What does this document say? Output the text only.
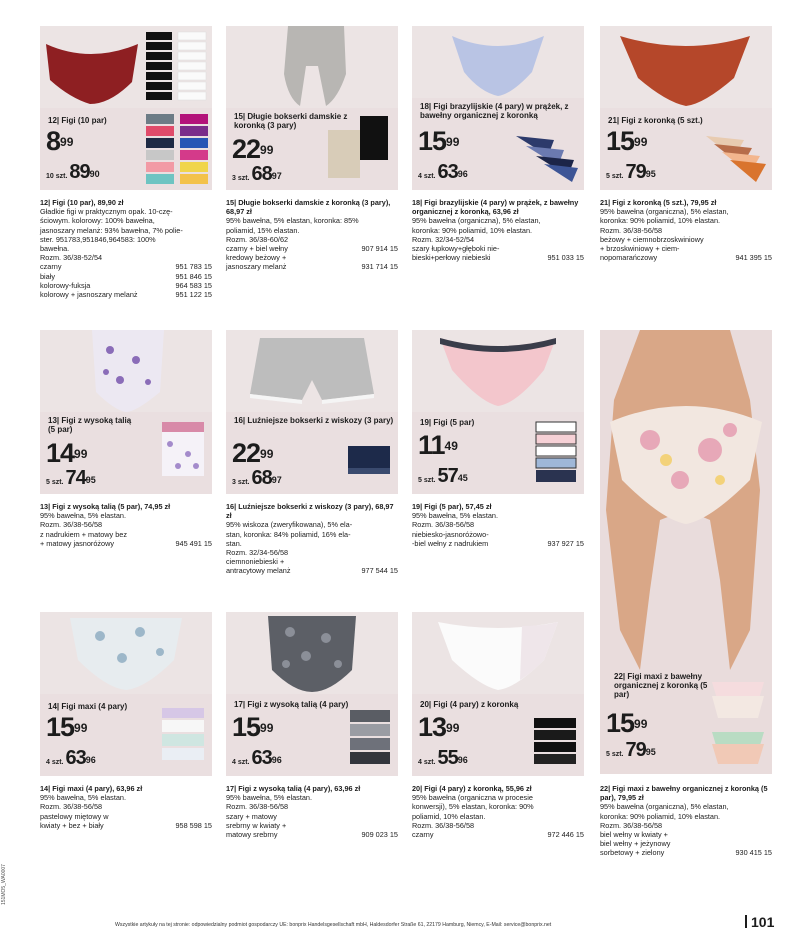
12| Figi (10 par)
$8^{99}$
10 szt. $89^{90}$
15| Długie bokserki damskie z koronką (3 pary)
$22^{99}$
3 szt. $68^{97}$
18| Figi brazylijskie (4 pary) w prążek, z bawełny organicznej z koronką
$15^{99}$
4 szt. $63^{96}$
21| Figi z koronką (5 szt.)
$15^{99}$
5 szt. $79^{95}$
13| Figi z wysoką talią (5 par)
$14^{99}$
5 szt. $74^{95}$
16| Luźniejsze bokserki z wiskozy (3 pary)
$22^{99}$
3 szt. $68^{97}$
19| Figi (5 par)
$11^{49}$
5 szt. $57^{45}$
22| Figi maxi z bawełny organicznej z koronką (5 par)
$15^{99}$
5 szt. $79^{95}$
14| Figi maxi (4 pary)
$15^{99}$
4 szt. $63^{96}$
17| Figi z wysoką talią (4 pary)
$15^{99}$
4 szt. $63^{96}$
20| Figi (4 pary) z koronką
$13^{99}$
4 szt. $55^{96}$
12| Figi (10 par), 89,90 zł
Gładkie figi w praktycznym opak. 10-czę-
ściowym. kolorowy: 100% bawełna,
jasnoszary melanż: 93% bawełna, 7% polie-
ster. 951783,951846,964583: 100%
bawełna.
Rozm. 36/38-52/54
czarny	951 783 15
biały	951 846 15
kolorowy-fuksja	964 583 15
kolorowy + jasnoszary melanż	951 122 15
15| Długie bokserki damskie z koronką (3 pary), 68,97 zł
95% bawełna, 5% elastan, koronka: 85%
poliamid, 15% elastan.
Rozm. 36/38-60/62
czarny + biel wełny	907 914 15
kredowy beżowy +
jasnoszary melanż	931 714 15
18| Figi brazylijskie (4 pary) w prążek, z bawełny organicznej z koronką, 63,96 zł
95% bawełna (organiczna), 5% elastan,
koronka: 90% poliamid, 10% elastan.
Rozm. 32/34-52/54
szary łupkowy+głęboki nie-
bieski+perłowy niebieski	951 033 15
21| Figi z koronką (5 szt.), 79,95 zł
95% bawełna (organiczna), 5% elastan,
koronka: 90% poliamid, 10% elastan.
Rozm. 36/38-56/58
beżowy + ciemnobrzoskwiniowy
+ brzoskwiniowy + ciem-
nopomarańczowy	941 395 15
13| Figi z wysoką talią (5 par), 74,95 zł
95% bawełna, 5% elastan.
Rozm. 36/38-56/58
z nadrukiem + matowy bez
+ matowy jasnoróżowy	945 491 15
16| Luźniejsze bokserki z wiskozy (3 pary), 68,97 zł
95% wiskoza (zweryfikowana), 5% ela-
stan, koronka: 84% poliamid, 16% ela-
stan.
Rozm. 32/34-56/58
ciemnoniebieski +
antracytowy melanż	977 544 15
19| Figi (5 par), 57,45 zł
95% bawełna, 5% elastan.
Rozm. 36/38-56/58
niebiesko-jasnoróżowo-
-biel wełny z nadrukiem	937 927 15
14| Figi maxi (4 pary), 63,96 zł
95% bawełna, 5% elastan.
Rozm. 36/38-56/58
pastelowy miętowy w
kwiaty + bez + biały	958 598 15
17| Figi z wysoką talią (4 pary), 63,96 zł
95% bawełna, 5% elastan.
Rozm. 36/38-56/58
szary + matowy
srebrny w kwiaty +
matowy srebrny	909 023 15
20| Figi (4 pary) z koronką, 55,96 zł
95% bawełna (organiczna w procesie
konwersji), 5% elastan, koronka: 90%
poliamid, 10% elastan.
Rozm. 36/38-56/58
czarny	972 446 15
22| Figi maxi z bawełny organicznej z koronką (5 par), 79,95 zł
95% bawełna (organiczna), 5% elastan,
koronka: 90% poliamid, 10% elastan.
Rozm. 36/38-56/58
biel wełny w kwiaty +
biel wełny + jeżynowy
sorbetowy + zielony	930 415 15
Wszystkie artykuły na tej stronie: odpowiedzialny podmiot gospodarczy UE: bonprix Handelsgesellschaft mbH, Haldesdorfer Straße 61, 22179 Hamburg, Niemcy, E-Mail: service@bonprix.net	101
151MO5_WA0007
